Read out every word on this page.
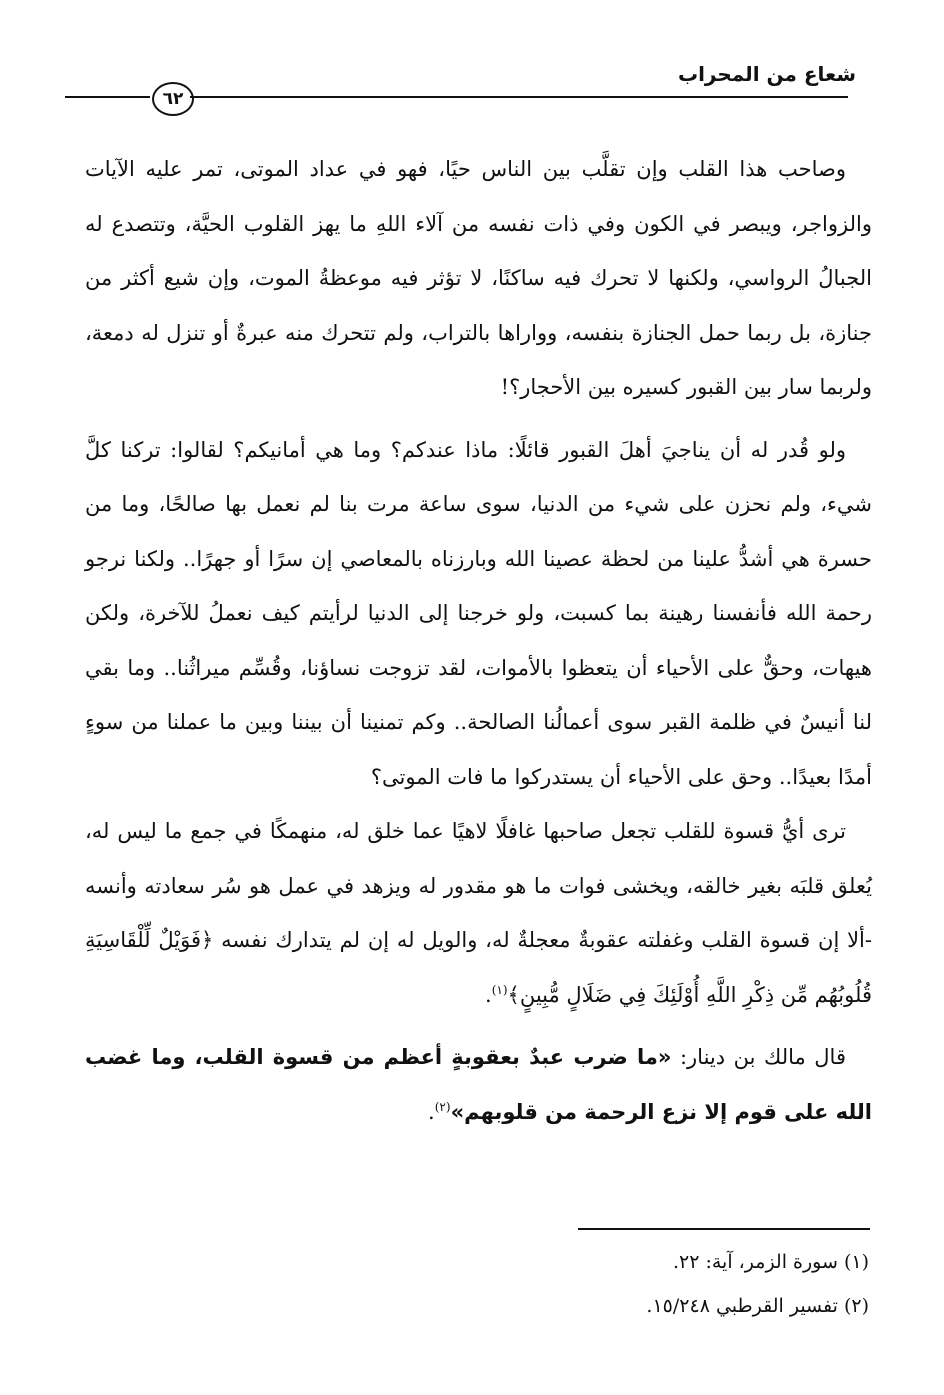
شعاع من المحراب
٦٢

وصاحب هذا القلب وإن تقلَّب بين الناس حيًا، فهو في عداد الموتى، تمر عليه الآيات والزواجر، ويبصر في الكون وفي ذات نفسه من آلاء اللهِ ما يهز القلوب الحيَّة، وتتصدع له الجبالُ الرواسي، ولكنها لا تحرك فيه ساكنًا، لا تؤثر فيه موعظةُ الموت، وإن شيع أكثر من جنازة، بل ربما حمل الجنازة بنفسه، وواراها بالتراب، ولم تتحرك منه عبرةٌ أو تنزل له دمعة، ولربما سار بين القبور كسيره بين الأحجار؟!

ولو قُدر له أن يناجيَ أهلَ القبور قائلًا: ماذا عندكم؟ وما هي أمانيكم؟ لقالوا: تركنا كلَّ شيء، ولم نحزن على شيء من الدنيا، سوى ساعة مرت بنا لم نعمل بها صالحًا، وما من حسرة هي أشدُّ علينا من لحظة عصينا الله وبارزناه بالمعاصي إن سرًا أو جهرًا.. ولكنا نرجو رحمة الله فأنفسنا رهينة بما كسبت، ولو خرجنا إلى الدنيا لرأيتم كيف نعملُ للآخرة، ولكن هيهات، وحقٌّ على الأحياء أن يتعظوا بالأموات، لقد تزوجت نساؤنا، وقُسِّم ميراثُنا.. وما بقي لنا أنيسٌ في ظلمة القبر سوى أعمالُنا الصالحة.. وكم تمنينا أن بيننا وبين ما عملنا من سوءٍ أمدًا بعيدًا.. وحق على الأحياء أن يستدركوا ما فات الموتى؟

ترى أيُّ قسوة للقلب تجعل صاحبها غافلًا لاهيًا عما خلق له، منهمكًا في جمع ما ليس له، يُعلق قلبَه بغير خالقه، ويخشى فوات ما هو مقدور له ويزهد في عمل هو سُر سعادته وأنسه -ألا إن قسوة القلب وغفلته عقوبةٌ معجلةٌ له، والويل له إن لم يتدارك نفسه ﴿فَوَيْلٌ لِّلْقَاسِيَةِ قُلُوبُهُم مِّن ذِكْرِ اللَّهِ أُوْلَئِكَ فِي ضَلَالٍ مُّبِينٍ﴾$^{(١)}$.

قال مالك بن دينار: «ما ضرب عبدٌ بعقوبةٍ أعظم من قسوة القلب، وما غضب الله على قوم إلا نزع الرحمة من قلوبهم»$^{(٢)}$.

(١) سورة الزمر، آية: ٢٢.
(٢) تفسير القرطبي ١٥/٢٤٨.
